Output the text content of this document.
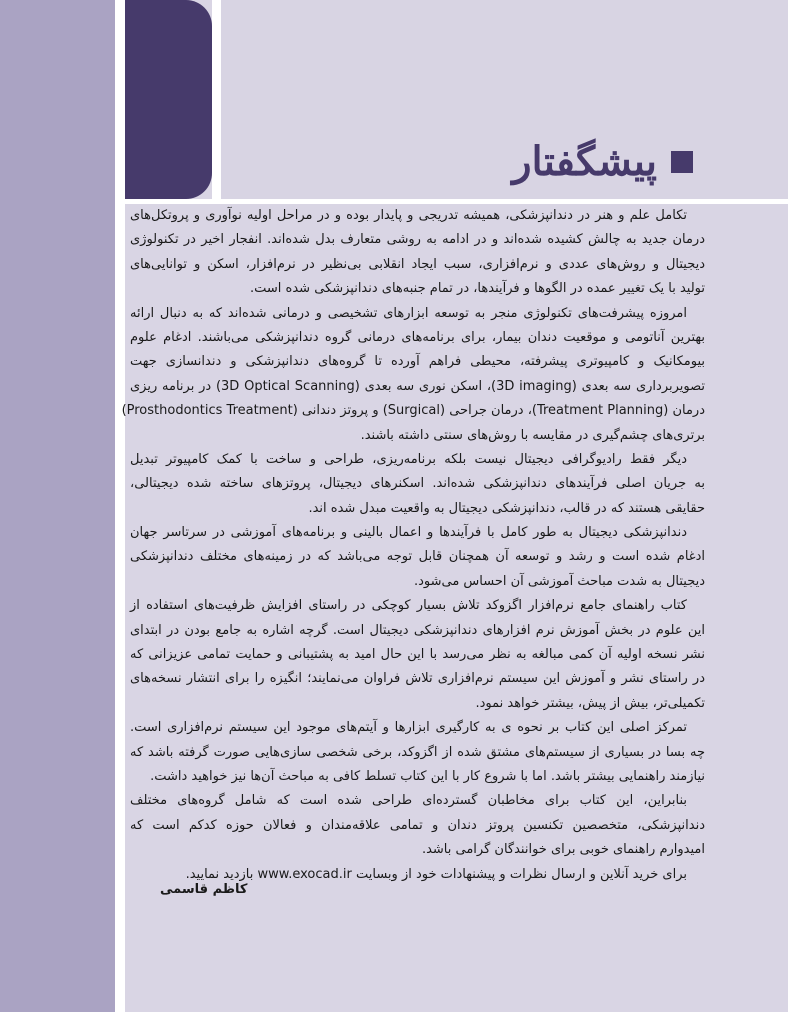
پیشگفتار
تکامل علم و هنر در دندانپزشکی، همیشه تدریجی و پایدار بوده و در مراحل اولیه نوآوری و پروتکل‌های
درمان جدید به چالش کشیده شده‌اند و در ادامه به روشی متعارف بدل شده‌اند. انفجار اخیر در تکنولوژی
دیجیتال و روش‌های عددی و نرم‌افزاری، سبب ایجاد انقلابی بی‌نظیر در نرم‌افزار، اسکن و توانایی‌های
تولید با یک تغییر عمده در الگوها و فرآیندها، در تمام جنبه‌های دندانپزشکی شده است.
امروزه پیشرفت‌های تکنولوژی منجر به توسعه ابزارهای تشخیصی و درمانی شده‌اند که به دنبال ارائه
بهترین آناتومی و موقعیت دندان بیمار، برای برنامه‌های درمانی گروه دندانپزشکی می‌باشند. ادغام علوم
بیومکانیک و کامپیوتری پیشرفته، محیطی فراهم آورده تا گروه‌های دندانپزشکی و دندانسازی جهت
تصویربرداری سه بعدی (3D imaging)، اسکن نوری سه بعدی (3D Optical Scanning) در برنامه ریزی
درمان (Treatment Planning)، درمان جراحی (Surgical) و پروتز دندانی (Prosthodontics Treatment)
برتری‌های چشم‌گیری در مقایسه با روش‌های سنتی داشته باشند.
دیگر فقط رادیوگرافی دیجیتال نیست بلکه برنامه‌ریزی، طراحی و ساخت با کمک کامپیوتر تبدیل
به جریان اصلی فرآیندهای دندانپزشکی شده‌اند. اسکنرهای دیجیتال، پروتزهای ساخته شده دیجیتالی،
حقایقی هستند که در قالب، دندانپزشکی دیجیتال به واقعیت مبدل شده اند.
دندانپزشکی دیجیتال به طور کامل با فرآیندها و اعمال بالینی و برنامه‌های آموزشی در سرتاسر جهان
ادغام شده است و رشد و توسعه آن همچنان قابل توجه می‌باشد که در زمینه‌های مختلف دندانپزشکی
دیجیتال به شدت مباحث آموزشی آن احساس می‌شود.
کتاب راهنمای جامع نرم‌افزار اگزوکد تلاش بسیار کوچکی در راستای افزایش ظرفیت‌های استفاده از
این علوم در بخش آموزش نرم افزارهای دندانپزشکی دیجیتال است. گرچه اشاره به جامع بودن در ابتدای
نشر نسخه اولیه آن کمی مبالغه به نظر می‌رسد با این حال امید به پشتیبانی و حمایت تمامی عزیزانی که
در راستای نشر و آموزش این سیستم نرم‌افزاری تلاش فراوان می‌نمایند؛ انگیزه را برای انتشار نسخه‌های
تکمیلی‌تر، بیش از پیش، بیشتر خواهد نمود.
تمرکز اصلی این کتاب بر نحوه ی به کارگیری ابزارها و آیتم‌های موجود این سیستم نرم‌افزاری است.
چه بسا در بسیاری از سیستم‌های مشتق شده از اگزوکد، برخی شخصی سازی‌هایی صورت گرفته باشد که
نیازمند راهنمایی بیشتر باشد. اما با شروع کار با این کتاب تسلط کافی به مباحث آن‌ها نیز خواهید داشت.
بنابراین، این کتاب برای مخاطبان گسترده‌ای طراحی شده است که شامل گروه‌های مختلف
دندانپزشکی، متخصصین تکنسین پروتز دندان و تمامی علاقه‌مندان و فعالان حوزه کدکم است که
امیدوارم راهنمای خوبی برای خوانندگان گرامی باشد.
برای خرید آنلاین و ارسال نظرات و پیشنهادات خود از وبسایت www.exocad.ir بازدید نمایید.
کاظم قاسمی
